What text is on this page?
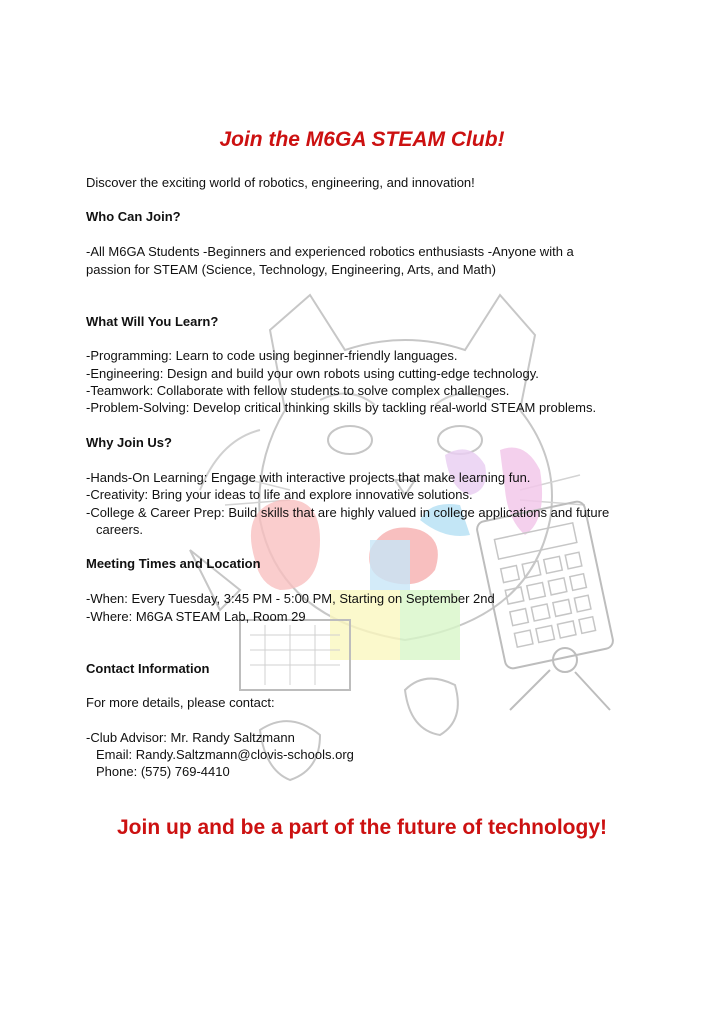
Join the M6GA STEAM Club!

Discover the exciting world of robotics, engineering, and innovation!

Who Can Join?

-All M6GA Students -Beginners and experienced robotics enthusiasts -Anyone with a

passion for STEAM (Science, Technology, Engineering, Arts, and Math)

What Will You Learn?

-Programming: Learn to code using beginner-friendly languages.

-Engineering: Design and build your own robots using cutting-edge technology.

-Teamwork: Collaborate with fellow students to solve complex challenges.

-Problem-Solving: Develop critical thinking skills by tackling real-world STEAM problems.

Why Join Us?

-Hands-On Learning: Engage with interactive projects that make learning fun.

-Creativity: Bring your ideas to life and explore innovative solutions.

-College & Career Prep: Build skills that are highly valued in college applications and future

careers.

Meeting Times and Location

-When: Every Tuesday, 3:45 PM - 5:00 PM, Starting on September 2nd

-Where: M6GA STEAM Lab, Room 29

Contact Information

For more details, please contact:

-Club Advisor: Mr. Randy Saltzmann

Email: Randy.Saltzmann@clovis-schools.org

Phone: (575) 769-4410

Join up and be a part of the future of technology!
